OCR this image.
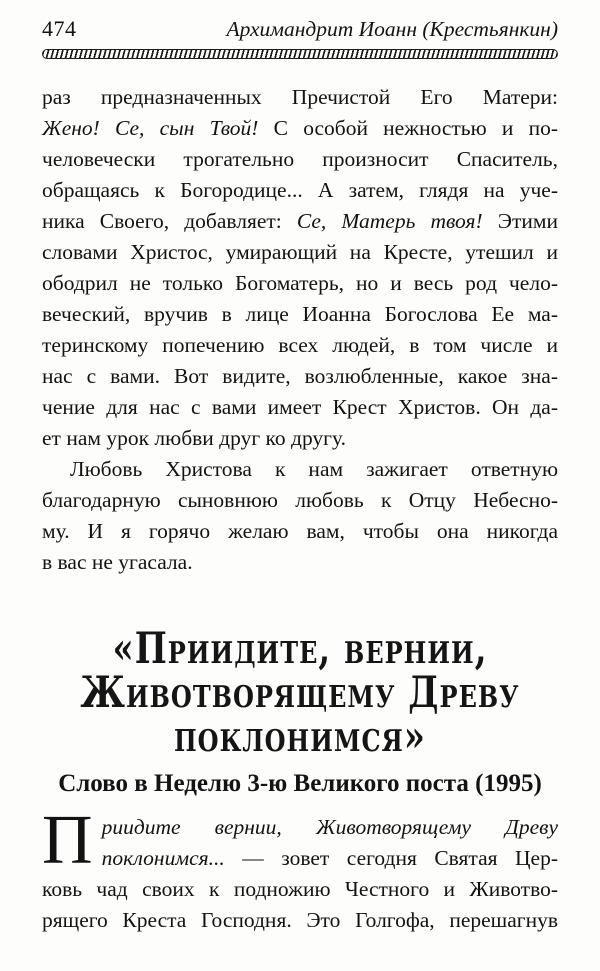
474	Архимандрит Иоанн (Крестьянкин)
раз предназначенных Пречистой Его Матери:
Жено! Се, сын Твой! С особой нежностью и по-
человечески трогательно произносит Спаситель,
обращаясь к Богородице... А затем, глядя на уче-
ника Своего, добавляет: Се, Матерь твоя! Этими
словами Христос, умирающий на Кресте, утешил и
ободрил не только Богоматерь, но и весь род чело-
веческий, вручив в лице Иоанна Богослова Ее ма-
теринскому попечению всех людей, в том числе и
нас с вами. Вот видите, возлюбленные, какое зна-
чение для нас с вами имеет Крест Христов. Он да-
ет нам урок любви друг ко другу.
Любовь Христова к нам зажигает ответную
благодарную сыновнюю любовь к Отцу Небесно-
му. И я горячо желаю вам, чтобы она никогда
в вас не угасала.
«Приидите, вернии,
Животворящему Древу
поклонимся»
Слово в Неделю 3-ю Великого поста (1995)
П риидите вернии, Животворящему Древу
поклонимся... — зовет сегодня Святая Цер-
ковь чад своих к подножию Честного и Животво-
рящего Креста Господня. Это Голгофа, перешагнув
